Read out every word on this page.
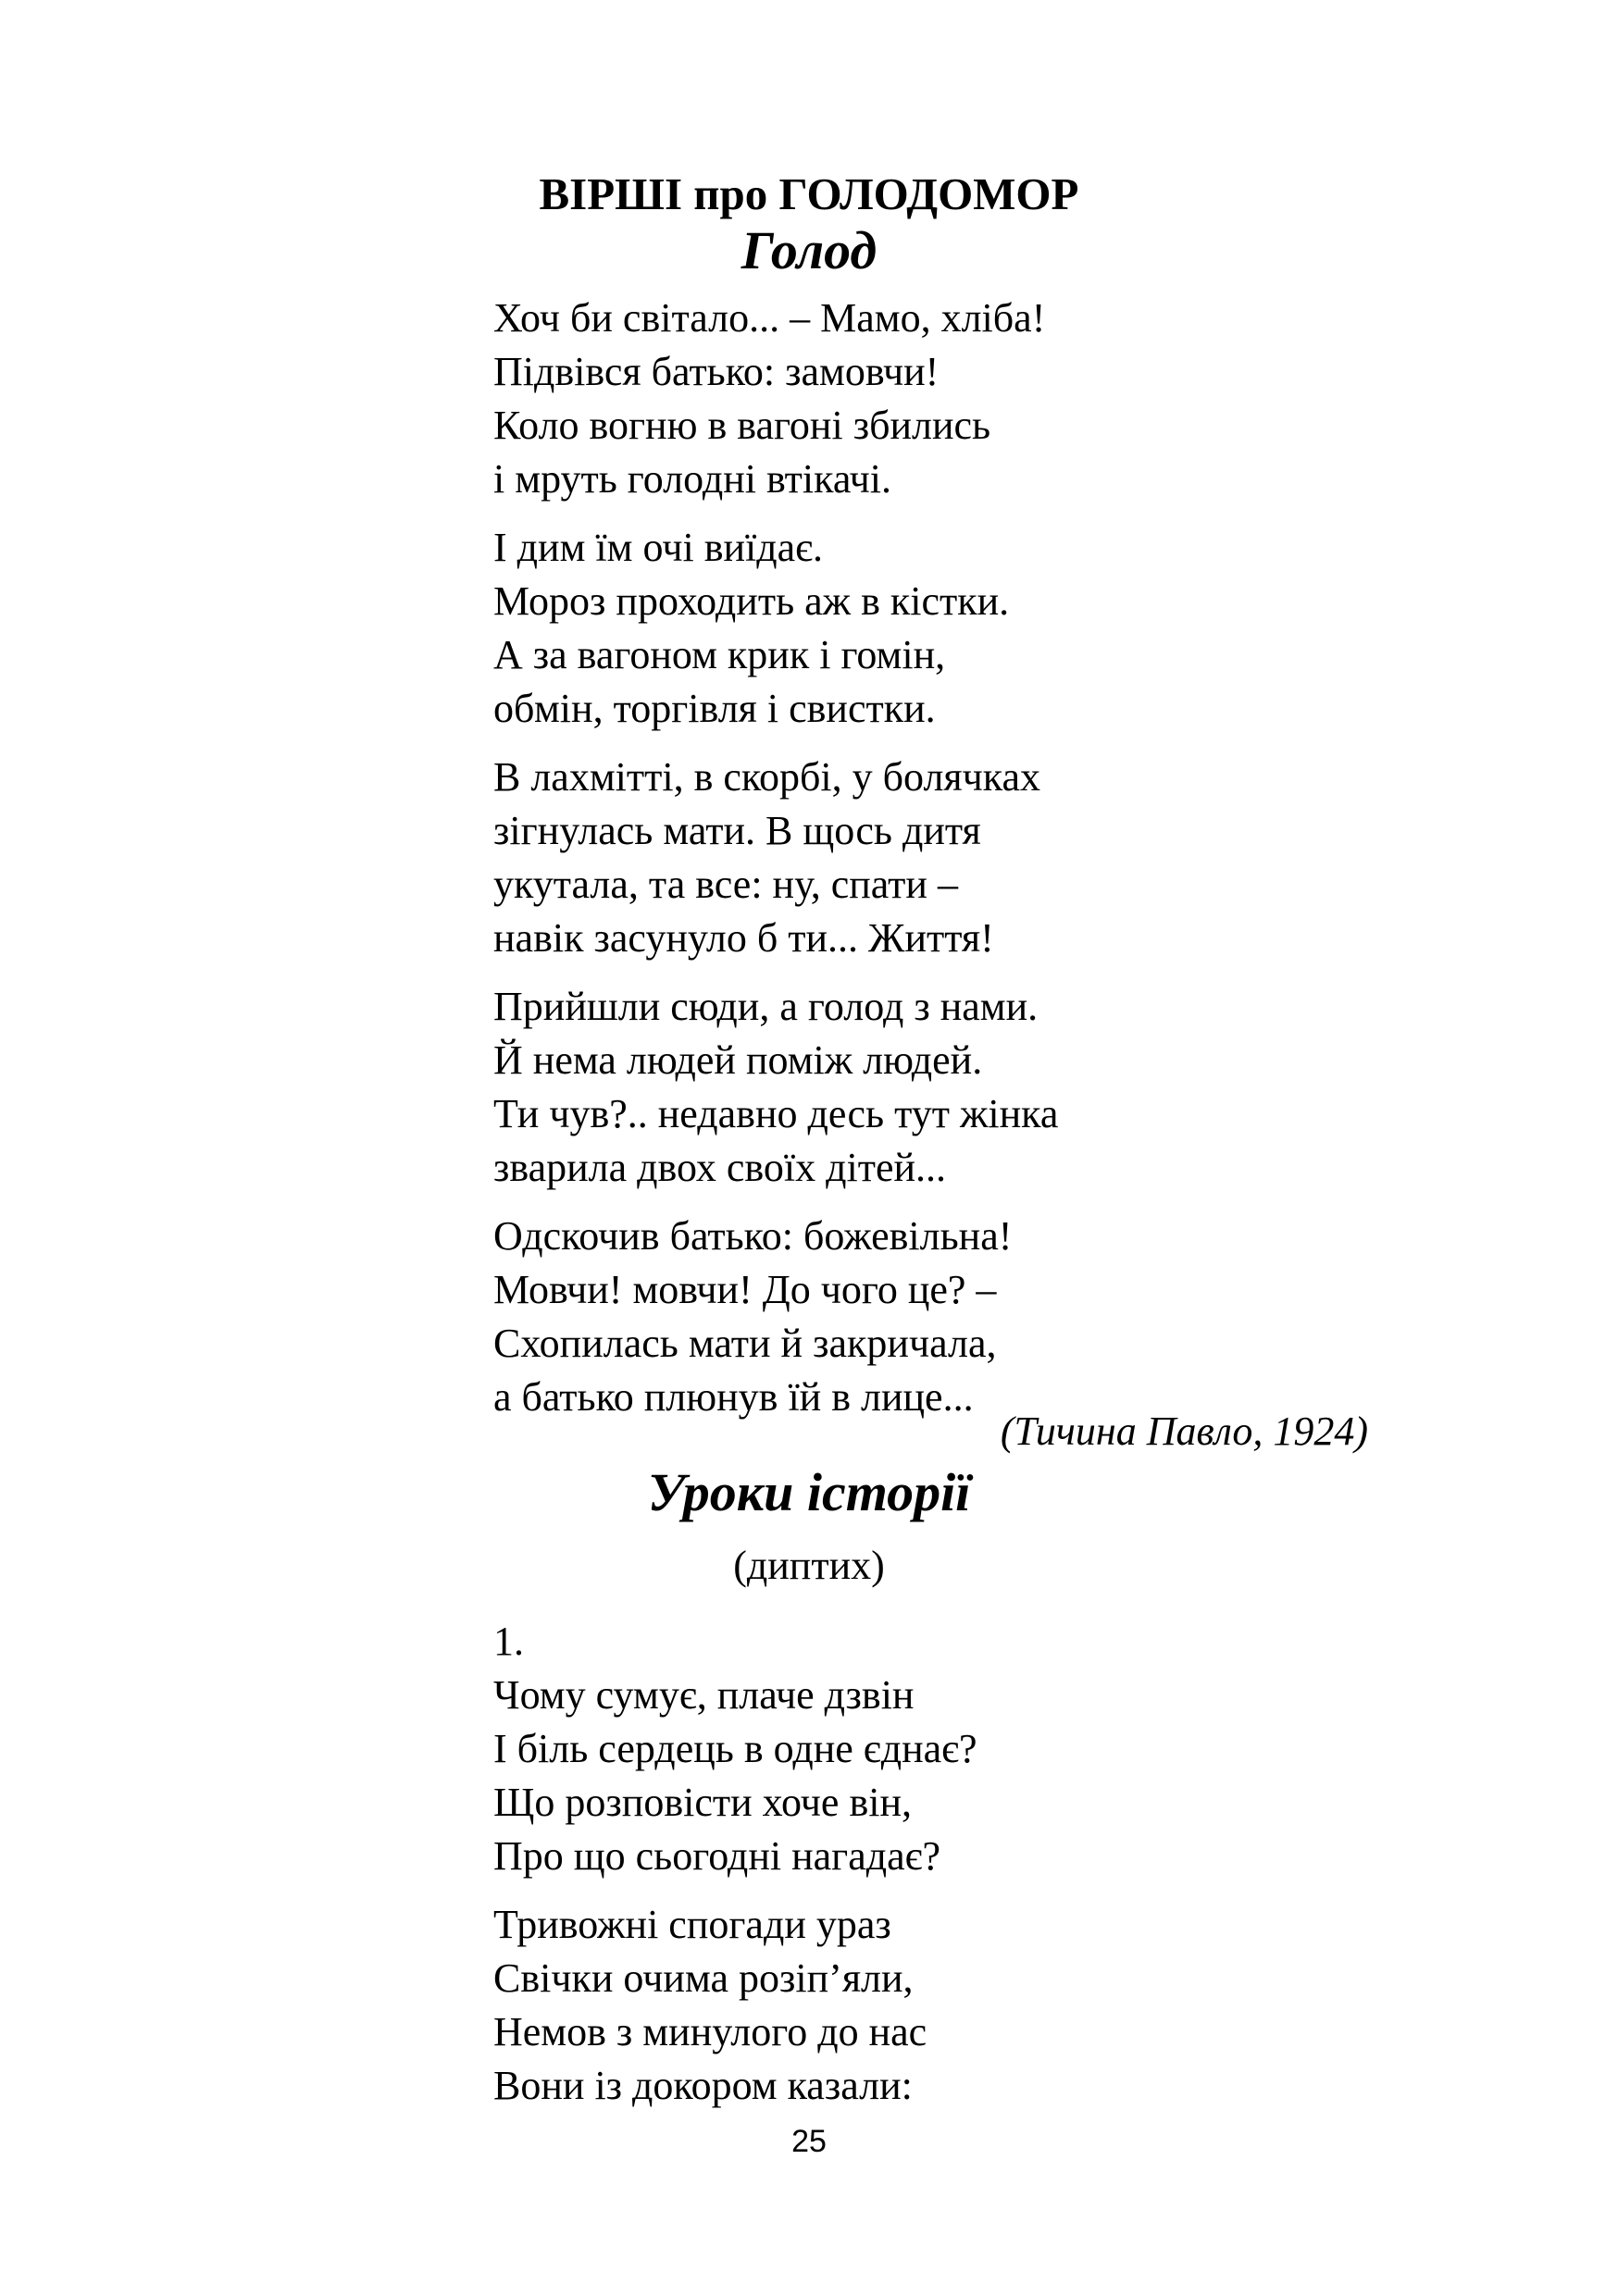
ВІРШІ про ГОЛОДОМОР
Голод

Хоч би світало... – Мамо, хліба!

Підвівся батько: замовчи!

Коло вогню в вагоні збились

і мруть голодні втікачі.

І дим їм очі виїдає.

Мороз проходить аж в кістки.

А за вагоном крик і гомін,

обмін, торгівля і свистки.

В лахмітті, в скорбі, у болячках

зігнулась мати. В щось дитя

укутала, та все: ну, спати –

навік засунуло б ти... Життя!

Прийшли сюди, а голод з нами.

Й нема людей поміж людей.

Ти чув?.. недавно десь тут жінка

зварила двох своїх дітей...

Одскочив батько: божевільна!

Мовчи! мовчи! До чого це? –

Схопилась мати й закричала,

а батько плюнув їй в лице...

(Тичина Павло, 1924)
Уроки історії
(диптих)

1.

Чому сумує, плаче дзвін

І біль сердець в одне єднає?

Що розповісти хоче він,

Про що сьогодні нагадає?

Тривожні спогади ураз

Свічки очима розіп’яли,

Немов з минулого до нас

Вони із докором казали:

25
